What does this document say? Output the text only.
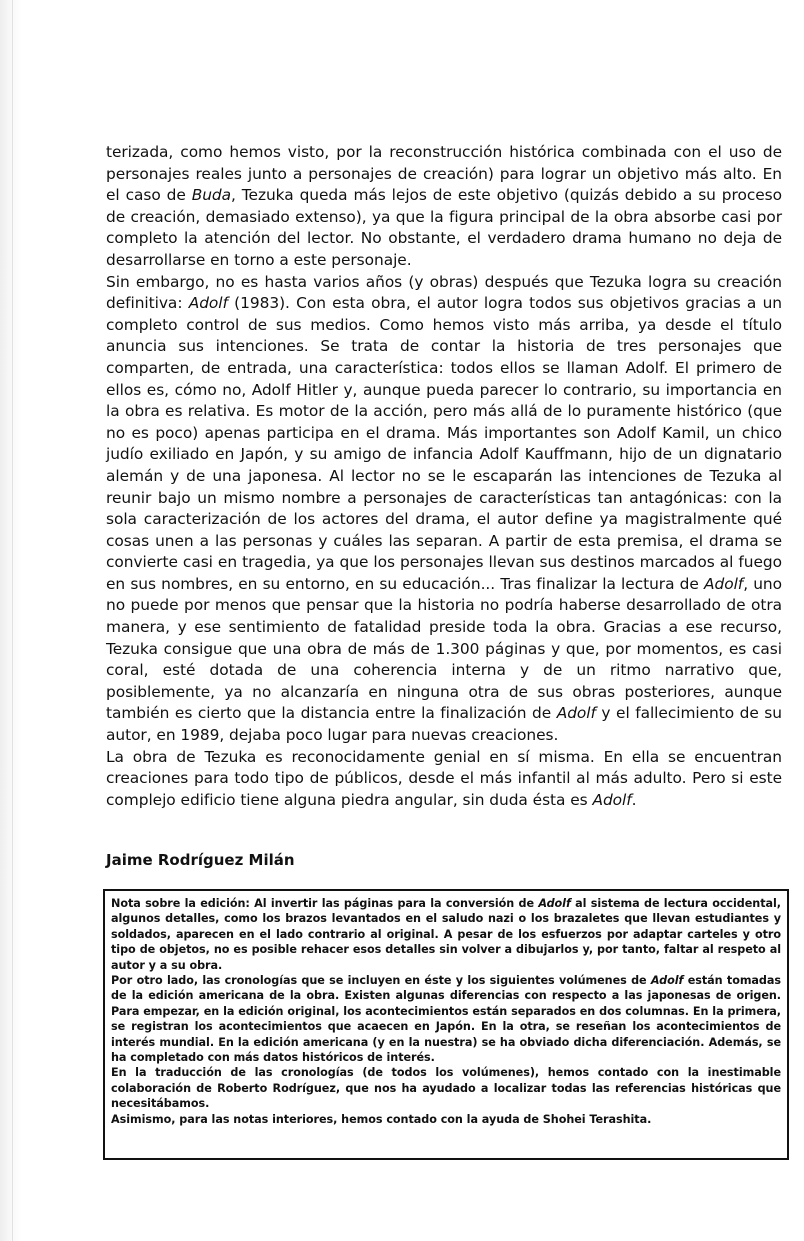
terizada, como hemos visto, por la reconstrucción histórica combinada con el uso de personajes reales junto a personajes de creación) para lograr un objetivo más alto. En el caso de Buda, Tezuka queda más lejos de este objetivo (quizás debido a su proceso de creación, demasiado extenso), ya que la figura principal de la obra absorbe casi por completo la atención del lector. No obstante, el verdadero drama humano no deja de desarrollarse en torno a este personaje.

Sin embargo, no es hasta varios años (y obras) después que Tezuka logra su creación definitiva: Adolf (1983). Con esta obra, el autor logra todos sus objetivos gracias a un completo control de sus medios. Como hemos visto más arriba, ya desde el título anuncia sus intenciones. Se trata de contar la historia de tres personajes que comparten, de entrada, una característica: todos ellos se llaman Adolf. El primero de ellos es, cómo no, Adolf Hitler y, aunque pueda parecer lo contrario, su importancia en la obra es relativa. Es motor de la acción, pero más allá de lo puramente histórico (que no es poco) apenas participa en el drama. Más importantes son Adolf Kamil, un chico judío exiliado en Japón, y su amigo de infancia Adolf Kauffmann, hijo de un dignatario alemán y de una japonesa. Al lector no se le escaparán las intenciones de Tezuka al reunir bajo un mismo nombre a personajes de características tan antagónicas: con la sola caracterización de los actores del drama, el autor define ya magistralmente qué cosas unen a las personas y cuáles las separan. A partir de esta premisa, el drama se convierte casi en tragedia, ya que los personajes llevan sus destinos marcados al fuego en sus nombres, en su entorno, en su educación... Tras finalizar la lectura de Adolf, uno no puede por menos que pensar que la historia no podría haberse desarrollado de otra manera, y ese sentimiento de fatalidad preside toda la obra. Gracias a ese recurso, Tezuka consigue que una obra de más de 1.300 páginas y que, por momentos, es casi coral, esté dotada de una coherencia interna y de un ritmo narrativo que, posiblemente, ya no alcanzaría en ninguna otra de sus obras posteriores, aunque también es cierto que la distancia entre la finalización de Adolf y el fallecimiento de su autor, en 1989, dejaba poco lugar para nuevas creaciones.

La obra de Tezuka es reconocidamente genial en sí misma. En ella se encuentran creaciones para todo tipo de públicos, desde el más infantil al más adulto. Pero si este complejo edificio tiene alguna piedra angular, sin duda ésta es Adolf.

Jaime Rodríguez Milán

Nota sobre la edición: Al invertir las páginas para la conversión de Adolf al sistema de lectura occidental, algunos detalles, como los brazos levantados en el saludo nazi o los brazaletes que llevan estudiantes y soldados, aparecen en el lado contrario al original. A pesar de los esfuerzos por adaptar carteles y otro tipo de objetos, no es posible rehacer esos detalles sin volver a dibujarlos y, por tanto, faltar al respeto al autor y a su obra.

Por otro lado, las cronologías que se incluyen en éste y los siguientes volúmenes de Adolf están tomadas de la edición americana de la obra. Existen algunas diferencias con respecto a las japonesas de origen. Para empezar, en la edición original, los acontecimientos están separados en dos columnas. En la primera, se registran los acontecimientos que acaecen en Japón. En la otra, se reseñan los acontecimientos de interés mundial. En la edición americana (y en la nuestra) se ha obviado dicha diferenciación. Además, se ha completado con más datos históricos de interés.

En la traducción de las cronologías (de todos los volúmenes), hemos contado con la inestimable colaboración de Roberto Rodríguez, que nos ha ayudado a localizar todas las referencias históricas que necesitábamos.

Asimismo, para las notas interiores, hemos contado con la ayuda de Shohei Terashita.
